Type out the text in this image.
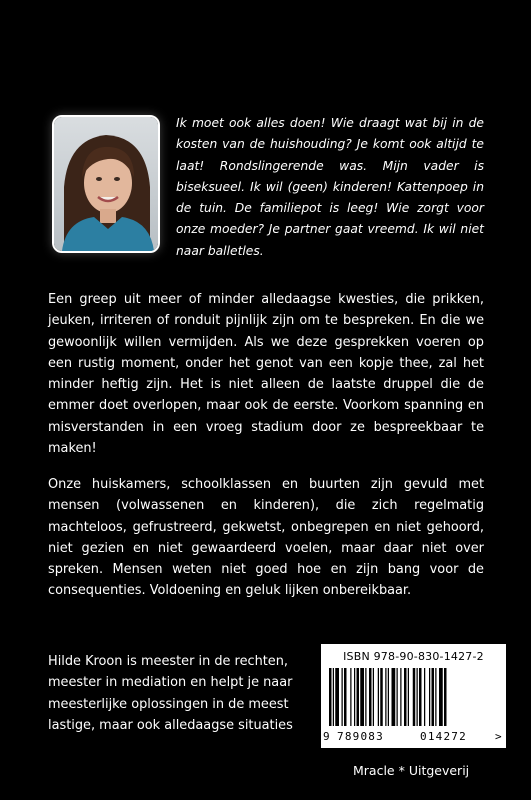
Ik moet ook alles doen! Wie draagt wat bij in de kosten van de huishouding? Je komt ook altijd te laat! Rondslingerende was. Mijn vader is biseksueel. Ik wil (geen) kinderen! Kattenpoep in de tuin. De familiepot is leeg! Wie zorgt voor onze moeder? Je partner gaat vreemd. Ik wil niet naar balletles.

Een greep uit meer of minder alledaagse kwesties, die prikken, jeuken, irriteren of ronduit pijnlijk zijn om te bespreken. En die we gewoonlijk willen vermijden. Als we deze gesprekken voeren op een rustig moment, onder het genot van een kopje thee, zal het minder heftig zijn. Het is niet alleen de laatste druppel die de emmer doet overlopen, maar ook de eerste. Voorkom spanning en misverstanden in een vroeg stadium door ze bespreekbaar te maken!

Onze huiskamers, schoolklassen en buurten zijn gevuld met mensen (volwassenen en kinderen), die zich regelmatig machteloos, gefrustreerd, gekwetst, onbegrepen en niet gehoord, niet gezien en niet gewaardeerd voelen, maar daar niet over spreken. Mensen weten niet goed hoe en zijn bang voor de consequenties. Voldoening en geluk lijken onbereikbaar.

Hilde Kroon is meester in de rechten, meester in mediation en helpt je naar meesterlijke oplossingen in de meest lastige, maar ook alledaagse situaties

ISBN 978-90-830-1427-2
9 789083	014272	>

Mracle * Uitgeverij
